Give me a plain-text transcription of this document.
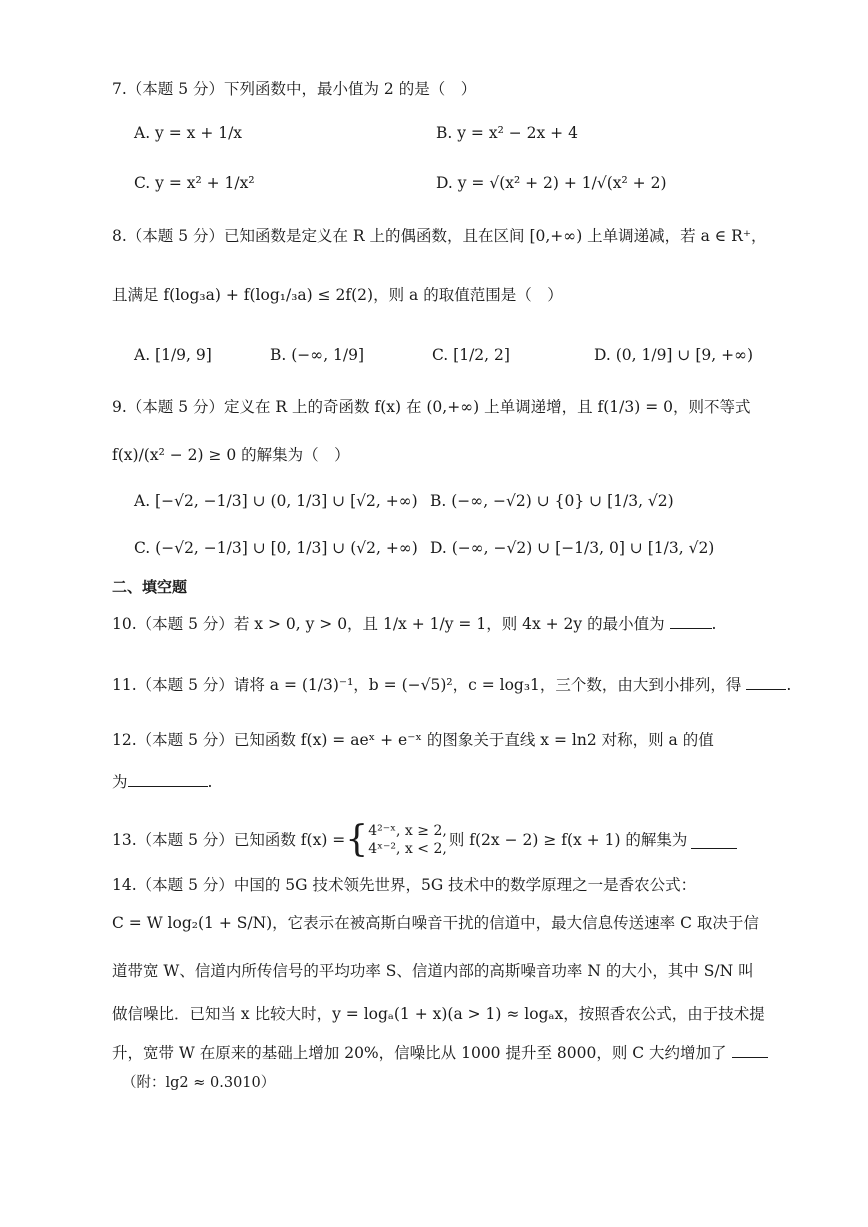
7.（本题 5 分）下列函数中，最小值为 2 的是（　）
A. y = x + 1/x	B. y = x² − 2x + 4
C. y = x² + 1/x²	D. y = √(x² + 2) + 1/√(x² + 2)
8.（本题 5 分）已知函数是定义在 R 上的偶函数，且在区间 [0,+∞) 上单调递减，若 a ∈ R⁺，
且满足 f(log₃a) + f(log₁/₃a) ≤ 2f(2)，则 a 的取值范围是（　）
A. [1/9, 9]	B. (−∞, 1/9]	C. [1/2, 2]	D. (0, 1/9] ∪ [9, +∞)
9.（本题 5 分）定义在 R 上的奇函数 f(x) 在 (0,+∞) 上单调递增，且 f(1/3) = 0，则不等式
f(x)/(x² − 2) ≥ 0 的解集为（　）
A. [−√2, −1/3] ∪ (0, 1/3] ∪ [√2, +∞) B. (−∞, −√2) ∪ {0} ∪ [1/3, √2)
C. (−√2, −1/3] ∪ [0, 1/3] ∪ (√2, +∞) D. (−∞, −√2) ∪ [−1/3, 0] ∪ [1/3, √2)
二、填空题
10.（本题 5 分）若 x > 0, y > 0，且 1/x + 1/y = 1，则 4x + 2y 的最小值为	.
11.（本题 5 分）请将 a = (1/3)⁻¹，b = (−√5)²，c = log₃1，三个数，由大到小排列，得	.
12.（本题 5 分）已知函数 f(x) = aeˣ + e⁻ˣ 的图象关于直线 x = ln2 对称，则 a 的值
为	.
13.（本题 5 分）已知函数 f(x) = { 4²⁻ˣ, x ≥ 2,
4ˣ⁻², x < 2, 则 f(2x − 2) ≥ f(x + 1) 的解集为
14.（本题 5 分）中国的 5G 技术领先世界，5G 技术中的数学原理之一是香农公式：
C = W log₂(1 + S/N)，它表示在被高斯白噪音干扰的信道中，最大信息传送速率 C 取决于信
道带宽 W、信道内所传信号的平均功率 S、信道内部的高斯噪音功率 N 的大小，其中 S/N 叫
做信噪比．已知当 x 比较大时，y = logₐ(1 + x)(a > 1) ≈ logₐx，按照香农公式，由于技术提
升，宽带 W 在原来的基础上增加 20%，信噪比从 1000 提升至 8000，则 C 大约增加了
（附：lg2 ≈ 0.3010）
